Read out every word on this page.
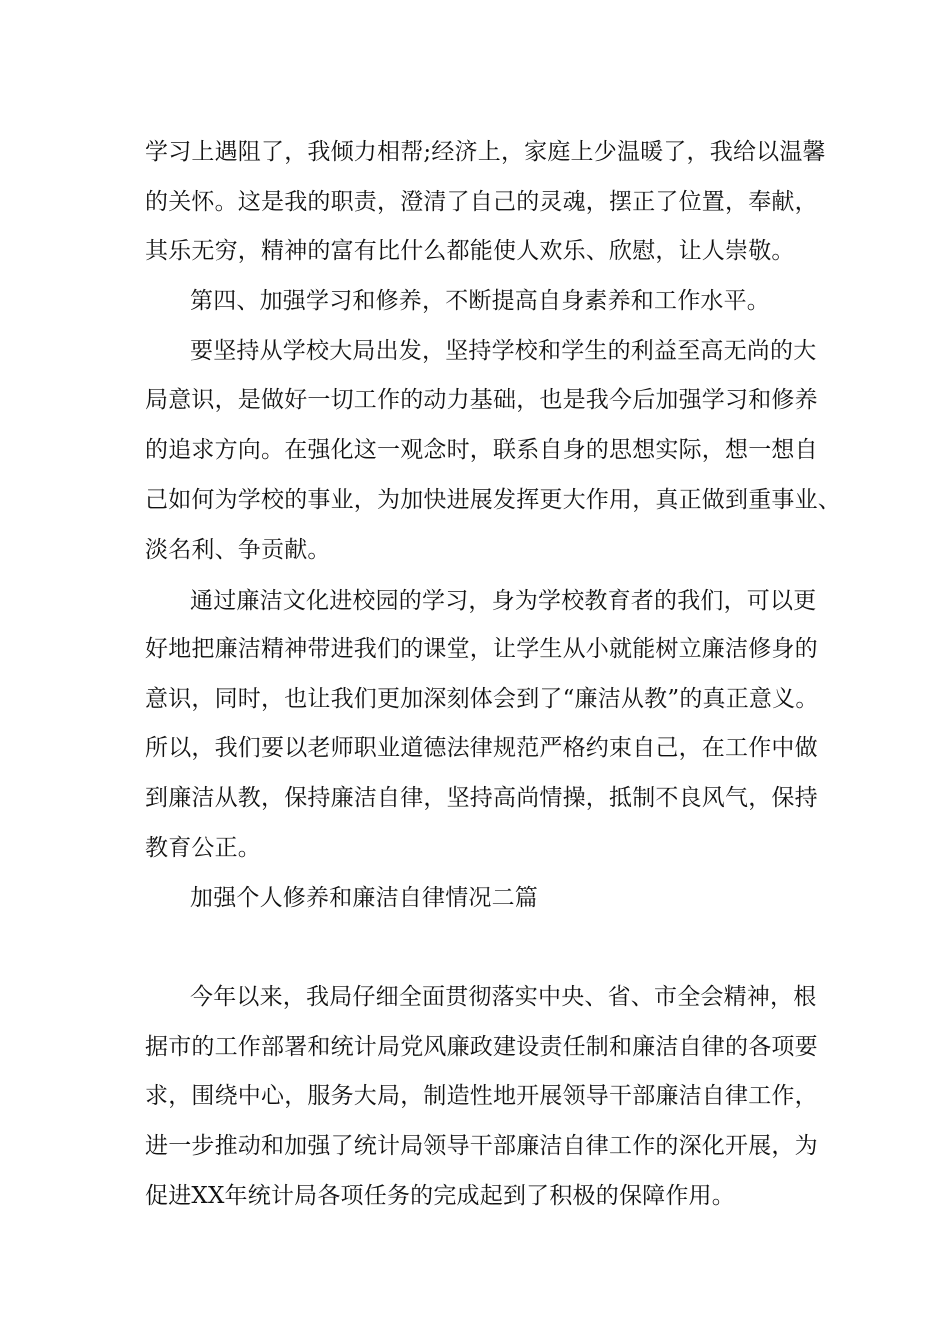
学习上遇阻了，我倾力相帮;经济上，家庭上少温暖了，我给以温馨

的关怀。这是我的职责，澄清了自己的灵魂，摆正了位置，奉献，

其乐无穷，精神的富有比什么都能使人欢乐、欣慰，让人崇敬。

第四、加强学习和修养，不断提高自身素养和工作水平。

要坚持从学校大局出发，坚持学校和学生的利益至高无尚的大

局意识，是做好一切工作的动力基础，也是我今后加强学习和修养

的追求方向。在强化这一观念时，联系自身的思想实际，想一想自

己如何为学校的事业，为加快进展发挥更大作用，真正做到重事业、

淡名利、争贡献。

通过廉洁文化进校园的学习，身为学校教育者的我们，可以更

好地把廉洁精神带进我们的课堂，让学生从小就能树立廉洁修身的

意识，同时，也让我们更加深刻体会到了“廉洁从教”的真正意义。

所以，我们要以老师职业道德法律规范严格约束自己，在工作中做

到廉洁从教，保持廉洁自律，坚持高尚情操，抵制不良风气，保持

教育公正。

加强个人修养和廉洁自律情况二篇

今年以来，我局仔细全面贯彻落实中央、省、市全会精神，根

据市的工作部署和统计局党风廉政建设责任制和廉洁自律的各项要

求，围绕中心，服务大局，制造性地开展领导干部廉洁自律工作，

进一步推动和加强了统计局领导干部廉洁自律工作的深化开展，为

促进XX年统计局各项任务的完成起到了积极的保障作用。
